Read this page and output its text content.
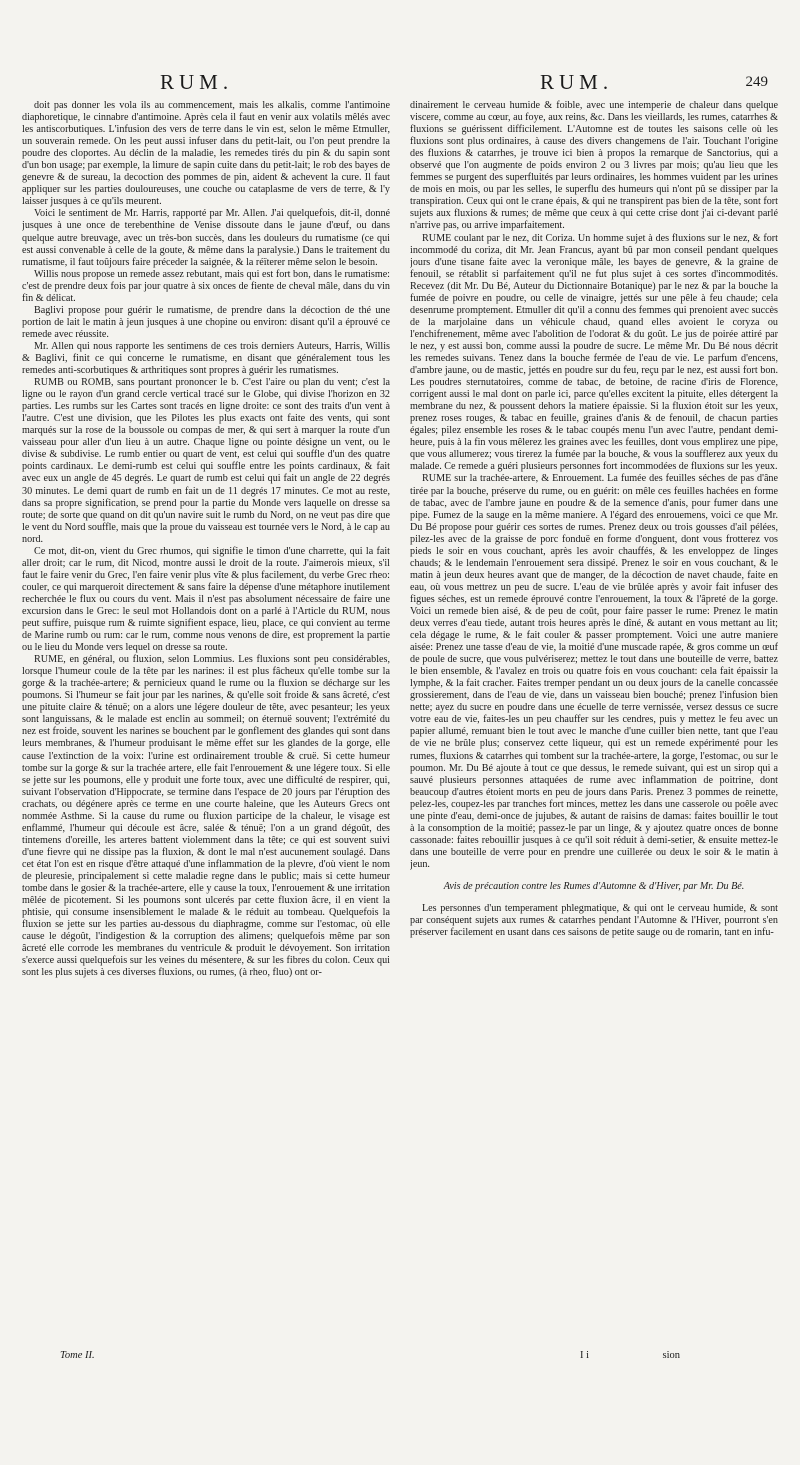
RUM.	RUM.	249

doit pas donner les vola ils au commencement, mais les alkalis, comme l'antimoine diaphoretique, le cinnabre d'antimoine. Après cela il faut en venir aux volatils mêlés avec les antiscorbutiques. L'infusion des vers de terre dans le vin est, selon le même Etmuller, un souverain remede. On les peut aussi infuser dans du petit-lait, ou l'on peut prendre la poudre des cloportes. Au déclin de la maladie, les remedes tirés du pin & du sapin sont d'un bon usage; par exemple, la limure de sapin cuite dans du petit-lait; le rob des bayes de genevre & de sureau, la decoction des pommes de pin, aident & achevent la cure. Il faut appliquer sur les parties douloureuses, une couche ou cataplasme de vers de terre, & l'y laisser jusques à ce qu'ils meurent.

Voici le sentiment de Mr. Harris, rapporté par Mr. Allen. J'ai quelquefois, dit-il, donné jusques à une once de terebenthine de Venise dissoute dans le jaune d'œuf, ou dans quelque autre breuvage, avec un très-bon succès, dans les douleurs du rumatisme (ce qui est aussi convenable à celle de la goute, & même dans la paralysie.) Dans le traitement du rumatisme, il faut toûjours faire préceder la saignée, & la réïterer même selon le besoin.

Willis nous propose un remede assez rebutant, mais qui est fort bon, dans le rumatisme: c'est de prendre deux fois par jour quatre à six onces de fiente de cheval mâle, dans du vin fin & délicat.

Baglivi propose pour guérir le rumatisme, de prendre dans la décoction de thé une portion de lait le matin à jeun jusques à une chopine ou environ: disant qu'il a éprouvé ce remede avec réussite.

Mr. Allen qui nous rapporte les sentimens de ces trois derniers Auteurs, Harris, Willis & Baglivi, finit ce qui concerne le rumatisme, en disant que généralement tous les remedes anti-scorbutiques & arthritiques sont propres à guérir les rumatismes.

RUMB ou ROMB, sans pourtant prononcer le b. C'est l'aire ou plan du vent; c'est la ligne ou le rayon d'un grand cercle vertical tracé sur le Globe, qui divise l'horizon en 32 parties. Les rumbs sur les Cartes sont tracés en ligne droite: ce sont des traits d'un vent à l'autre. C'est une division, que les Pilotes les plus exacts ont faite des vents, qui sont marqués sur la rose de la boussole ou compas de mer, & qui sert à marquer la route d'un vaisseau pour aller d'un lieu à un autre. Chaque ligne ou pointe désigne un vent, ou le divise & subdivise. Le rumb entier ou quart de vent, est celui qui souffle d'un des quatre points cardinaux. Le demi-rumb est celui qui souffle entre les points cardinaux, & fait avec eux un angle de 45 degrés. Le quart de rumb est celui qui fait un angle de 22 degrés 30 minutes. Le demi quart de rumb en fait un de 11 degrés 17 minutes. Ce mot au reste, dans sa propre signification, se prend pour la partie du Monde vers laquelle on dresse sa route; de sorte que quand on dit qu'un navire suit le rumb du Nord, on ne veut pas dire que le vent du Nord souffle, mais que la proue du vaisseau est tournée vers le Nord, à le cap au nord.

Ce mot, dit-on, vient du Grec rhumos, qui signifie le timon d'une charrette, qui la fait aller droit; car le rum, dit Nicod, montre aussi le droit de la route. J'aimerois mieux, s'il faut le faire venir du Grec, l'en faire venir plus vîte & plus facilement, du verbe Grec rheo: couler, ce qui marqueroit directement & sans faire la dépense d'une métaphore inutilement recherchée le flux ou cours du vent. Mais il n'est pas absolument nécessaire de faire une excursion dans le Grec: le seul mot Hollandois dont on a parlé à l'Article du RUM, nous peut suffire, puisque rum & ruimte signifient espace, lieu, place, ce qui convient au terme de Marine rumb ou rum: car le rum, comme nous venons de dire, est proprement la partie ou le lieu du Monde vers lequel on dresse sa route.

RUME, en général, ou fluxion, selon Lommius. Les fluxions sont peu considérables, lorsque l'humeur coule de la tête par les narines: il est plus fâcheux qu'elle tombe sur la gorge & la trachée-artere; & pernicieux quand le rume ou la fluxion se décharge sur les poumons. Si l'humeur se fait jour par les narines, & qu'elle soit froide & sans âcreté, c'est une pituite claire & ténuë; on a alors une légere douleur de tête, avec pesanteur; les yeux sont languissans, & le malade est enclin au sommeil; on éternuë souvent; l'extrémité du nez est froide, souvent les narines se bouchent par le gonflement des glandes qui sont dans leurs membranes, & l'humeur produisant le même effet sur les glandes de la gorge, elle cause l'extinction de la voix: l'urine est ordinairement trouble & cruë. Si cette humeur tombe sur la gorge & sur la trachée artere, elle fait l'enrouement & une légere toux. Si elle se jette sur les poumons, elle y produit une forte toux, avec une difficulté de respirer, qui, suivant l'observation d'Hippocrate, se termine dans l'espace de 20 jours par l'éruption des crachats, ou dégénere après ce terme en une courte haleine, que les Auteurs Grecs ont nommée Asthme. Si la cause du rume ou fluxion participe de la chaleur, le visage est enflammé, l'humeur qui découle est âcre, salée & ténuë; l'on a un grand dégoût, des tintemens d'oreille, les arteres battent violemment dans la tête; ce qui est souvent suivi d'une fievre qui ne dissipe pas la fluxion, & dont le mal n'est aucunement soulagé. Dans cet état l'on est en risque d'être attaqué d'une inflammation de la plevre, d'où vient le nom de pleuresie, principalement si cette maladie regne dans le public; mais si cette humeur tombe dans le gosier & la trachée-artere, elle y cause la toux, l'enrouement & une irritation mêlée de picotement. Si les poumons sont ulcerés par cette fluxion âcre, il en vient la phtisie, qui consume insensiblement le malade & le réduit au tombeau. Quelquefois la fluxion se jette sur les parties au-dessous du diaphragme, comme sur l'estomac, où elle cause le dégoût, l'indigestion & la corruption des alimens; quelquefois même par son âcreté elle corrode les membranes du ventricule & produit le dévoyement. Son irritation s'exerce aussi quelquefois sur les veines du mésentere, & sur les fibres du colon. Ceux qui sont les plus sujets à ces diverses fluxions, ou rumes, (à rheo, fluo) ont or-

dinairement le cerveau humide & foible, avec une intemperie de chaleur dans quelque viscere, comme au cœur, au foye, aux reins, &c. Dans les vieillards, les rumes, catarrhes & fluxions se guérissent difficilement. L'Automne est de toutes les saisons celle où les fluxions sont plus ordinaires, à cause des divers changemens de l'air. Touchant l'origine des fluxions & catarrhes, je trouve ici bien à propos la remarque de Sanctorius, qui a observé que l'on augmente de poids environ 2 ou 3 livres par mois; qu'au lieu que les femmes se purgent des superfluités par leurs ordinaires, les hommes vuident par les urines de mois en mois, ou par les selles, le superflu des humeurs qui n'ont pû se dissiper par la transpiration. Ceux qui ont le crane épais, & qui ne transpirent pas bien de la tête, sont fort sujets aux fluxions & rumes; de même que ceux à qui cette crise dont j'ai ci-devant parlé n'arrive pas, ou arrive imparfaitement.

RUME coulant par le nez, dit Coriza. Un homme sujet à des fluxions sur le nez, & fort incommodé du coriza, dit Mr. Jean Francus, ayant bû par mon conseil pendant quelques jours d'une tisane faite avec la veronique mâle, les bayes de genevre, & la graine de fenouil, se rétablit si parfaitement qu'il ne fut plus sujet à ces sortes d'incommodités. Recevez (dit Mr. Du Bé, Auteur du Dictionnaire Botanique) par le nez & par la bouche la fumée de poivre en poudre, ou celle de vinaigre, jettés sur une pêle à feu chaude; cela desenrume promptement. Etmuller dit qu'il a connu des femmes qui prenoient avec succès de la marjolaine dans un véhicule chaud, quand elles avoient le coryza ou l'enchifrenement, même avec l'abolition de l'odorat & du goût. Le jus de poirée attiré par le nez, y est aussi bon, comme aussi la poudre de sucre. Le même Mr. Du Bé nous décrit les remedes suivans. Tenez dans la bouche fermée de l'eau de vie. Le parfum d'encens, d'ambre jaune, ou de mastic, jettés en poudre sur du feu, reçu par le nez, est aussi fort bon. Les poudres sternutatoires, comme de tabac, de betoine, de racine d'iris de Florence, corrigent aussi le mal dont on parle ici, parce qu'elles excitent la pituite, elles détergent la membrane du nez, & poussent dehors la matiere épaissie. Si la fluxion étoit sur les yeux, prenez roses rouges, & tabac en feuille, graines d'anis & de fenouil, de chacun parties égales; pilez ensemble les roses & le tabac coupés menu l'un avec l'autre, pendant demi-heure, puis à la fin vous mêlerez les graines avec les feuilles, dont vous emplirez une pipe, que vous allumerez; vous tirerez la fumée par la bouche, & vous la soufflerez aux yeux du malade. Ce remede a guéri plusieurs personnes fort incommodées de fluxions sur les yeux.

RUME sur la trachée-artere, & Enrouement. La fumée des feuilles séches de pas d'âne tirée par la bouche, préserve du rume, ou en guérit: on mêle ces feuilles hachées en forme de tabac, avec de l'ambre jaune en poudre & de la semence d'anis, pour fumer dans une pipe. Fumez de la sauge en la même maniere. A l'égard des enrouemens, voici ce que Mr. Du Bé propose pour guérir ces sortes de rumes. Prenez deux ou trois gousses d'ail pélées, pilez-les avec de la graisse de porc fonduë en forme d'onguent, dont vous frotterez vos pieds le soir en vous couchant, après les avoir chauffés, & les enveloppez de linges chauds; & le lendemain l'enrouement sera dissipé. Prenez le soir en vous couchant, & le matin à jeun deux heures avant que de manger, de la décoction de navet chaude, faite en eau, où vous mettrez un peu de sucre. L'eau de vie brûlée après y avoir fait infuser des figues séches, est un remede éprouvé contre l'enrouement, la toux & l'âpreté de la gorge. Voici un remede bien aisé, & de peu de coût, pour faire passer le rume: Prenez le matin deux verres d'eau tiede, autant trois heures après le dîné, & autant en vous mettant au lit; cela dégage le rume, & le fait couler & passer promptement. Voici une autre maniere aisée: Prenez une tasse d'eau de vie, la moitié d'une muscade rapée, & gros comme un œuf de poule de sucre, que vous pulvériserez; mettez le tout dans une bouteille de verre, battez le bien ensemble, & l'avalez en trois ou quatre fois en vous couchant: cela fait épaissir la lymphe, & la fait cracher. Faites tremper pendant un ou deux jours de la canelle concassée grossierement, dans de l'eau de vie, dans un vaisseau bien bouché; prenez l'infusion bien nette; ayez du sucre en poudre dans une écuelle de terre vernissée, versez dessus ce sucre votre eau de vie, faites-les un peu chauffer sur les cendres, puis y mettez le feu avec un papier allumé, remuant bien le tout avec le manche d'une cuiller bien nette, tant que l'eau de vie ne brûle plus; conservez cette liqueur, qui est un remede expérimenté pour les rumes, fluxions & catarrhes qui tombent sur la trachée-artere, la gorge, l'estomac, ou sur le poumon. Mr. Du Bé ajoute à tout ce que dessus, le remede suivant, qui est un sirop qui a sauvé plusieurs personnes attaquées de rume avec inflammation de poitrine, dont beaucoup d'autres étoient morts en peu de jours dans Paris. Prenez 3 pommes de reinette, pelez-les, coupez-les par tranches fort minces, mettez les dans une casserole ou poêle avec une pinte d'eau, demi-once de jujubes, & autant de raisins de damas: faites bouillir le tout à la consomption de la moitié; passez-le par un linge, & y ajoutez quatre onces de bonne cassonade: faites rebouillir jusques à ce qu'il soit réduit à demi-setier, & ensuite mettez-le dans une bouteille de verre pour en prendre une cuillerée ou deux le soir & le matin à jeun.

Avis de précaution contre les Rumes d'Automne & d'Hiver, par Mr. Du Bé.

Les personnes d'un temperament phlegmatique, & qui ont le cerveau humide, & sont par conséquent sujets aux rumes & catarrhes pendant l'Automne & l'Hiver, pourront s'en préserver facilement en usant dans ces saisons de petite sauge ou de romarin, tant en infu-

Tome II.	I i	sion
